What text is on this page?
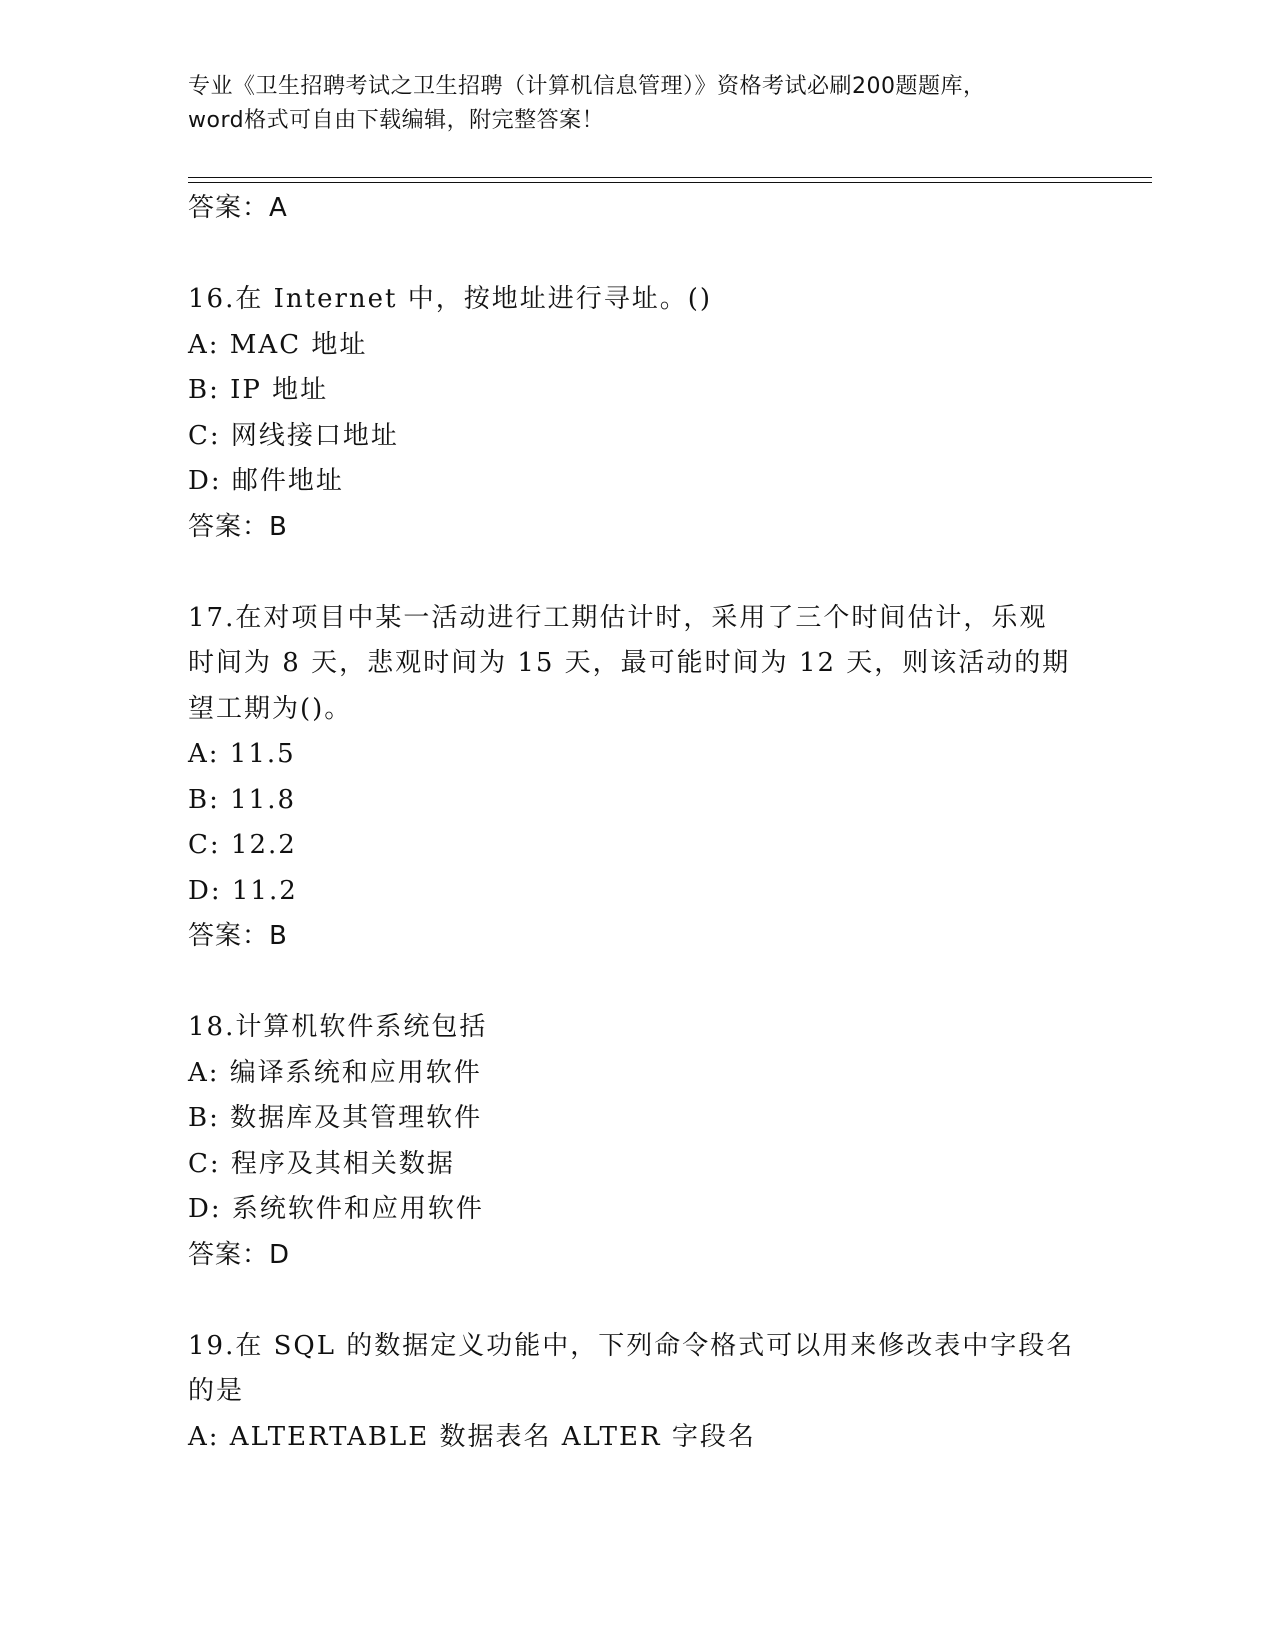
专业《卫生招聘考试之卫生招聘（计算机信息管理）》资格考试必刷200题题库，
word格式可自由下载编辑，附完整答案！
答案：A
16.在 Internet 中，按地址进行寻址。()
A: MAC 地址
B: IP 地址
C: 网线接口地址
D: 邮件地址
答案：B
17.在对项目中某一活动进行工期估计时，采用了三个时间估计，乐观
时间为 8 天，悲观时间为 15 天，最可能时间为 12 天，则该活动的期
望工期为()。
A: 11.5
B: 11.8
C: 12.2
D: 11.2
答案：B
18.计算机软件系统包括
A: 编译系统和应用软件
B: 数据库及其管理软件
C: 程序及其相关数据
D: 系统软件和应用软件
答案：D
19.在 SQL 的数据定义功能中，下列命令格式可以用来修改表中字段名
的是
A: ALTERTABLE 数据表名 ALTER 字段名
